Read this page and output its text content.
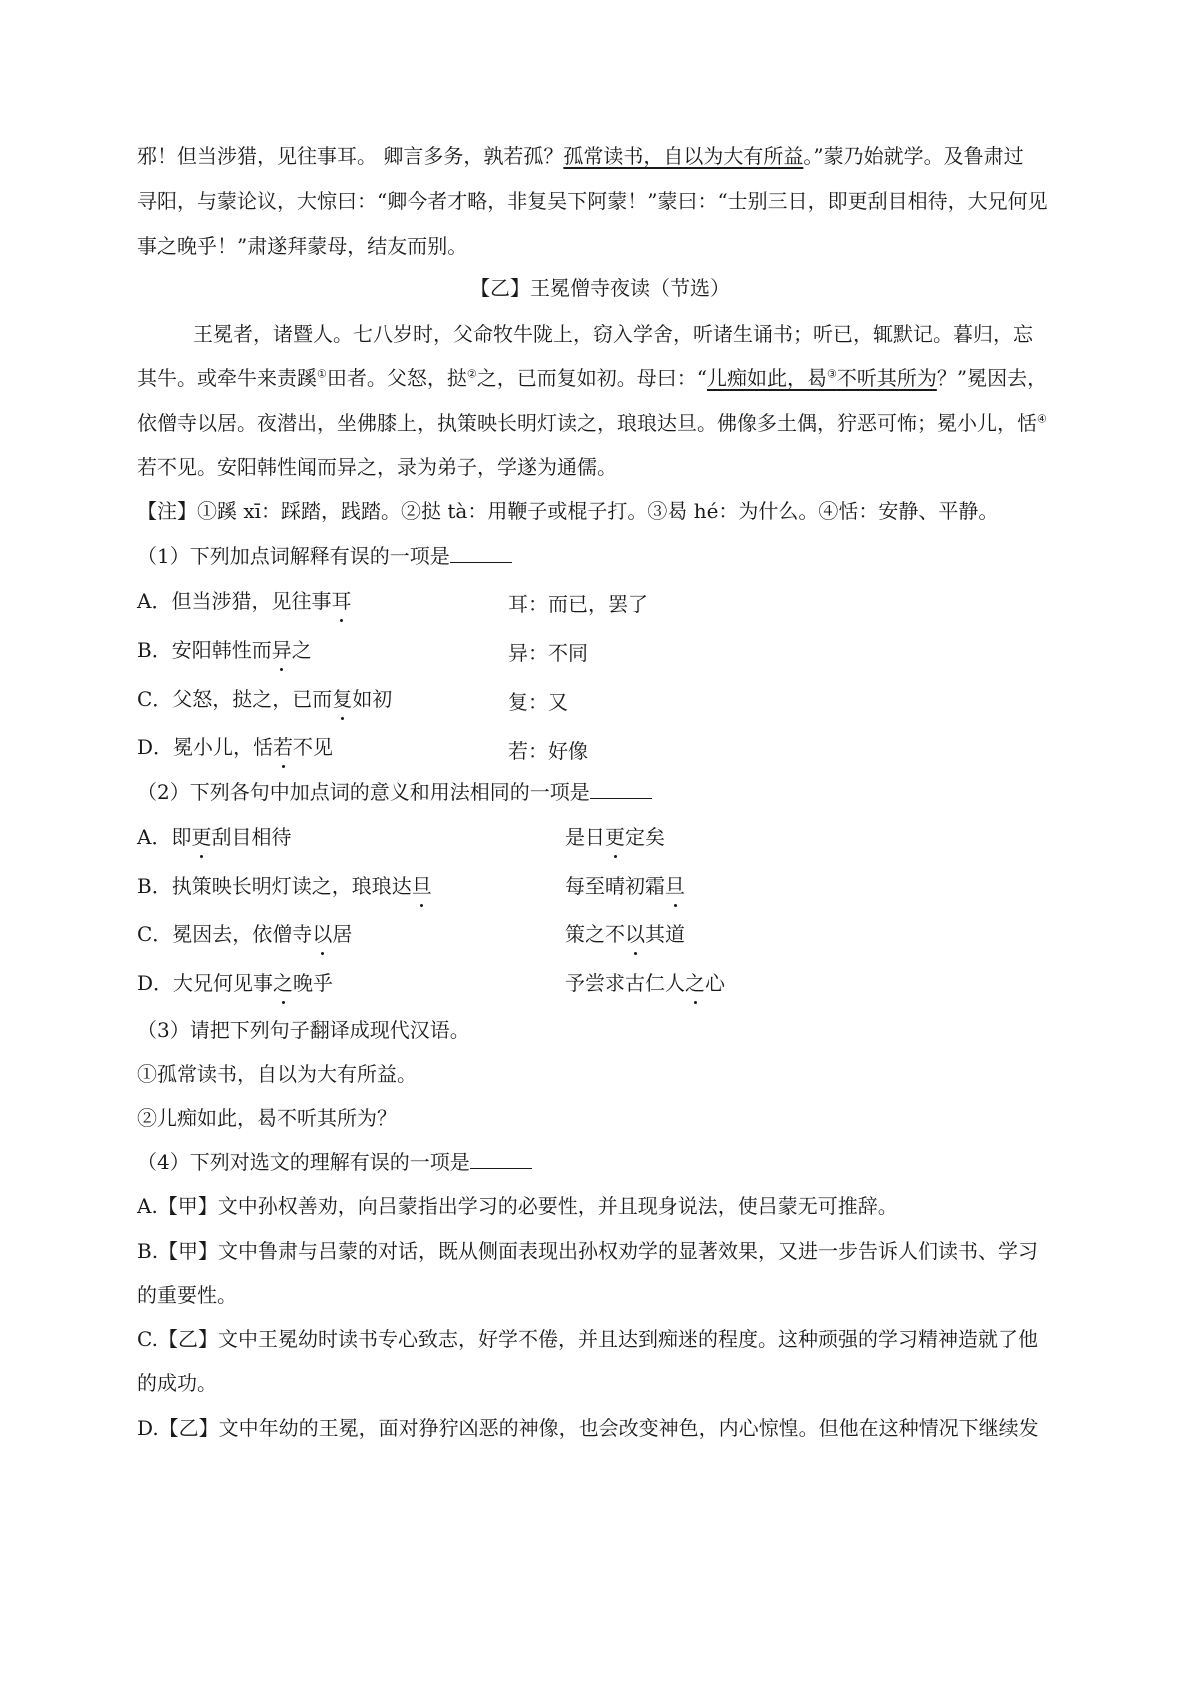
邪！但当涉猎，见往事耳。 卿言多务，孰若孤？孤常读书，自以为大有所益。”蒙乃始就学。及鲁肃过
寻阳，与蒙论议，大惊曰：“卿今者才略，非复吴下阿蒙！”蒙曰：“士别三日，即更刮目相待，大兄何见
事之晚乎！”肃遂拜蒙母，结友而别。
【乙】王冕僧寺夜读（节选）
王冕者，诸暨人。七八岁时，父命牧牛陇上，窃入学舍，听诸生诵书；听已，辄默记。暮归，忘
其牛。或牵牛来责蹊①田者。父怒，挞②之，已而复如初。母曰：“儿痴如此，曷③不听其所为？”冕因去，
依僧寺以居。夜潜出，坐佛膝上，执策映长明灯读之，琅琅达旦。佛像多土偶，狞恶可怖；冕小儿，恬④
若不见。安阳韩性闻而异之，录为弟子，学遂为通儒。
【注】①蹊 xī：踩踏，践踏。②挞 tà：用鞭子或棍子打。③曷 hé：为什么。④恬：安静、平静。
（1）下列加点词解释有误的一项是
A．但当涉猎，见往事耳	耳：而已，罢了
B．安阳韩性而异之	异：不同
C．父怒，挞之，已而复如初	复：又
D．冕小儿，恬若不见	若：好像
（2）下列各句中加点词的意义和用法相同的一项是
A．即更刮目相待	是日更定矣
B．执策映长明灯读之，琅琅达旦	每至晴初霜旦
C．冕因去，依僧寺以居	策之不以其道
D．大兄何见事之晚乎	予尝求古仁人之心
（3）请把下列句子翻译成现代汉语。
①孤常读书，自以为大有所益。
②儿痴如此，曷不听其所为？
（4）下列对选文的理解有误的一项是
A.【甲】文中孙权善劝，向吕蒙指出学习的必要性，并且现身说法，使吕蒙无可推辞。
B.【甲】文中鲁肃与吕蒙的对话，既从侧面表现出孙权劝学的显著效果，又进一步告诉人们读书、学习
的重要性。
C.【乙】文中王冕幼时读书专心致志，好学不倦，并且达到痴迷的程度。这种顽强的学习精神造就了他
的成功。
D.【乙】文中年幼的王冕，面对狰狞凶恶的神像，也会改变神色，内心惊惶。但他在这种情况下继续发
